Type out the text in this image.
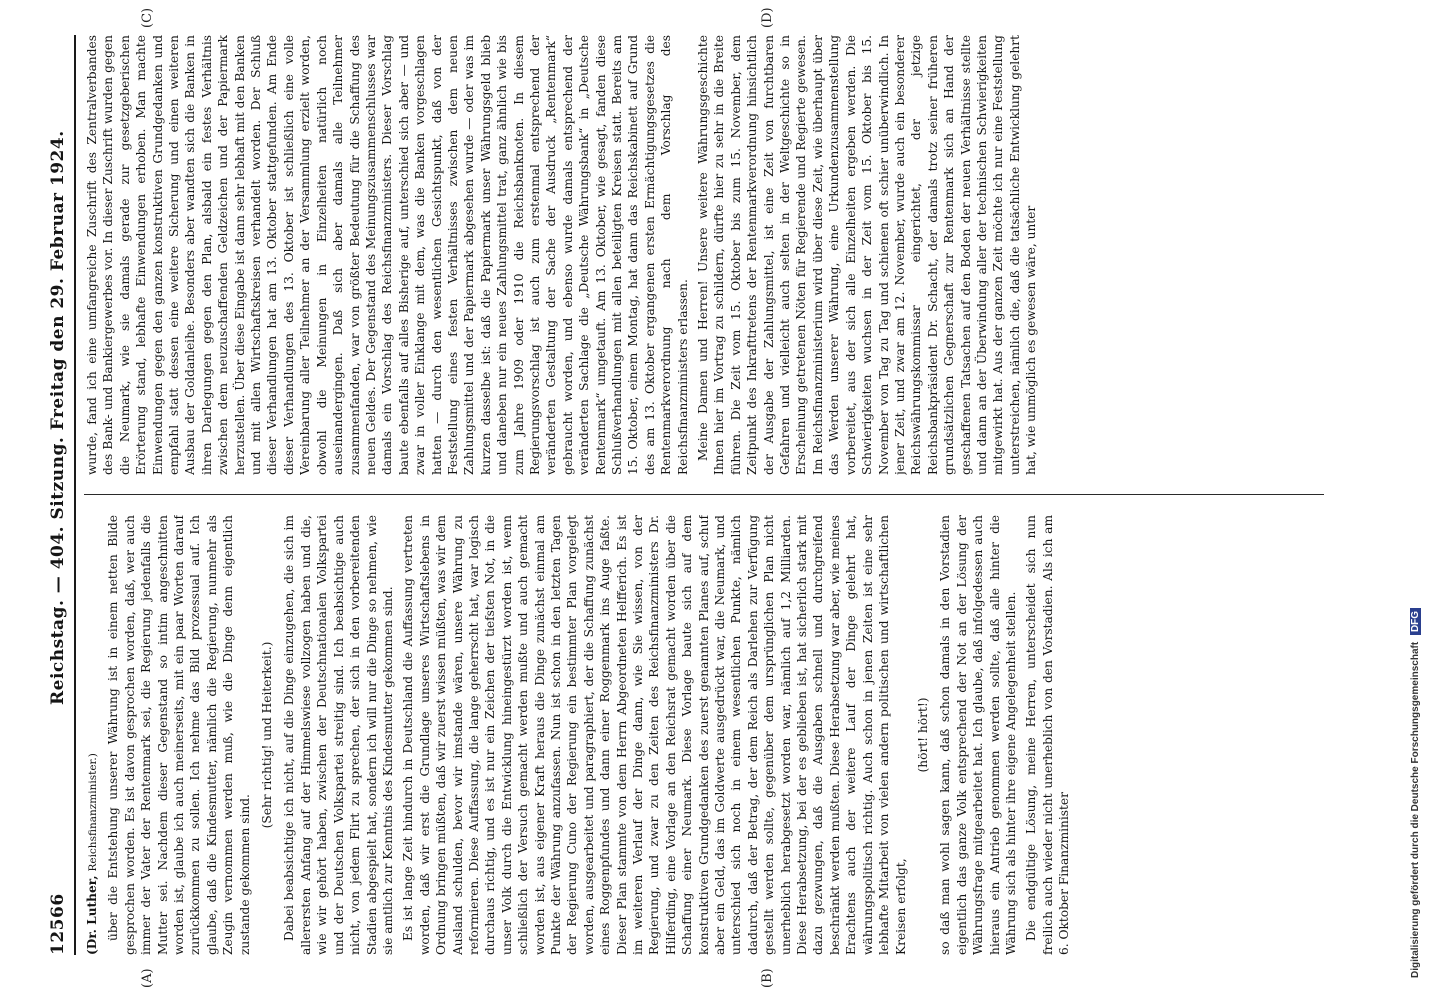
12566
Reichstag. — 404. Sitzung. Freitag den 29. Februar 1924.
(A)	(B)
(C)	(D)

(Dr. Luther, Reichsfinanzminister.) über die Entstehung unserer Währung ist in einem netten Bilde gesprochen worden. Es ist davon gesprochen worden, daß, wer auch immer der Vater der Rentenmark sei, die Regierung jedenfalls die Mutter sei. Nachdem dieser Gegenstand so intim angeschnitten worden ist, glaube ich auch meinerseits, mit ein paar Worten darauf zurückkommen zu sollen. Ich nehme das Bild prozessual auf. Ich glaube, daß die Kindesmutter, nämlich die Regierung, nunmehr als Zeugin vernommen werden muß, wie die Dinge denn eigentlich zustande gekommen sind.

(Sehr richtig! und Heiterkeit.) Dabei beabsichtige ich nicht, auf die Dinge einzugehen, die sich im allerersten Anfang auf der Himmelswiese vollzogen haben und die, wie wir gehört haben, zwischen der Deutschnationalen Volkspartei und der Deutschen Volkspartei streitig sind. Ich beabsichtige auch nicht, von jedem Flirt zu sprechen, der sich in den vorbereitenden Stadien abgespielt hat, sondern ich will nur die Dinge so nehmen, wie sie amtlich zur Kenntnis des Kindesmutter gekommen sind. Es ist lange Zeit hindurch in Deutschland die Auffassung vertreten worden, daß wir erst die Grundlage unseres Wirtschaftslebens in Ordnung bringen müßten, daß wir zuerst wissen müßten, was wir dem Ausland schulden, bevor wir imstande wären, unsere Währung zu reformieren. Diese Auffassung, die lange geherrscht hat, war logisch durchaus richtig, und es ist nur ein Zeichen der tiefsten Not, in die unser Volk durch die Entwicklung hineingestürzt worden ist, wenn schließlich der Versuch gemacht werden mußte und auch gemacht worden ist, aus eigener Kraft heraus die Dinge zunächst einmal am Punkte der Währung anzufassen. Nun ist schon in den letzten Tagen der Regierung Cuno der Regierung ein bestimmter Plan vorgelegt worden, ausgearbeitet und paragraphiert, der die Schaffung zunächst eines Roggenpfundes und dann einer Roggenmark ins Auge faßte. Dieser Plan stammte von dem Herrn Abgeordneten Helfferich. Es ist im weiteren Verlauf der Dinge dann, wie Sie wissen, von der Regierung, und zwar zu den Zeiten des Reichsfinanzministers Dr. Hilferding, eine Vorlage an den Reichsrat gemacht worden über die Schaffung einer Neumark. Diese Vorlage baute sich auf dem konstruktiven Grundgedanken des zuerst genannten Planes auf, schuf aber ein Geld, das im Goldwerte ausgedrückt war, die Neumark, und unterschied sich noch in einem wesentlichen Punkte, nämlich dadurch, daß der Betrag, der dem Reich als Darlehen zur Verfügung gestellt werden sollte, gegenüber dem ursprünglichen Plan nicht unerheblich herabgesetzt worden war, nämlich auf 1,2 Milliarden. Diese Herabsetzung, bei der es geblieben ist, hat sicherlich stark mit dazu gezwungen, daß die Ausgaben schnell und durchgreifend beschränkt werden mußten. Diese Herabsetzung war aber, wie meines Erachtens auch der weitere Lauf der Dinge gelehrt hat, währungspolitisch richtig. Auch schon in jenen Zeiten ist eine sehr lebhafte Mitarbeit von vielen andern politischen und wirtschaftlichen Kreisen erfolgt,

(hört! hört!) so daß man wohl sagen kann, daß schon damals in den Vorstadien eigentlich das ganze Volk entsprechend der Not an der Lösung der Währungsfrage mitgearbeitet hat. Ich glaube, daß infolgedessen auch hieraus ein Antrieb genommen werden sollte, daß alle hinter die Währung sich als hinter ihre eigene Angelegenheit stellen. Die endgültige Lösung, meine Herren, unterscheidet sich nun freilich auch wieder nicht unerheblich von den Vorstadien. Als ich am 6. Oktober Finanzminister

wurde, fand ich eine umfangreiche Zuschrift des Zentralverbandes des Bank- und Bankiergewerbes vor. In dieser Zuschrift wurden gegen die Neumark, wie sie damals gerade zur gesetzgeberischen Erörterung stand, lebhafte Einwendungen erhoben. Man machte Einwendungen gegen den ganzen konstruktiven Grundgedanken und empfahl statt dessen eine weitere Sicherung und einen weiteren Ausbau der Goldanleihe. Besonders aber wandten sich die Banken in ihren Darlegungen gegen den Plan, alsbald ein festes Verhältnis zwischen dem neuzuschaffenden Geldzeichen und der Papiermark herzustellen. Über diese Eingabe ist dann sehr lebhaft mit den Banken und mit allen Wirtschaftskreisen verhandelt worden. Der Schluß dieser Verhandlungen hat am 13. Oktober stattgefunden. Am Ende dieser Verhandlungen des 13. Oktober ist schließlich eine volle Vereinbarung aller Teilnehmer an der Versammlung erzielt worden, obwohl die Meinungen in Einzelheiten natürlich noch auseinandergingen. Daß sich aber damals alle Teilnehmer zusammenfanden, war von größter Bedeutung für die Schaffung des neuen Geldes. Der Gegenstand des Meinungszusammenschlusses war damals ein Vorschlag des Reichsfinanzministers. Dieser Vorschlag baute ebenfalls auf alles Bisherige auf, unterschied sich aber — und zwar in voller Einklange mit dem, was die Banken vorgeschlagen hatten — durch den wesentlichen Gesichtspunkt, daß von der Feststellung eines festen Verhältnisses zwischen dem neuen Zahlungsmittel und der Papiermark abgesehen wurde — oder was im kurzen dasselbe ist: daß die Papiermark unser Währungsgeld blieb und daneben nur ein neues Zahlungsmittel trat, ganz ähnlich wie bis zum Jahre 1909 oder 1910 die Reichsbanknoten. In diesem Regierungsvorschlag ist auch zum erstenmal entsprechend der veränderten Gestaltung der Sache der Ausdruck „Rentenmark“ gebraucht worden, und ebenso wurde damals entsprechend der veränderten Sachlage die „Deutsche Währungsbank“ in „Deutsche Rentenmark“ umgetauft. Am 13. Oktober, wie gesagt, fanden diese Schlußverhandlungen mit allen beteiligten Kreisen statt. Bereits am 15. Oktober, einem Montag, hat dann das Reichskabinett auf Grund des am 13. Oktober ergangenen ersten Ermächtigungsgesetzes die Rentenmarkverordnung nach dem Vorschlag des Reichsfinanzministers erlassen. Meine Damen und Herren! Unsere weitere Währungsgeschichte Ihnen hier im Vortrag zu schildern, dürfte hier zu sehr in die Breite führen. Die Zeit vom 15. Oktober bis zum 15. November, dem Zeitpunkt des Inkrafttretens der Rentenmarkverordnung hinsichtlich der Ausgabe der Zahlungsmittel, ist eine Zeit von furchtbaren Gefahren und vielleicht auch selten in der Weltgeschichte so in Erscheinung getretenen Nöten für Regierende und Regierte gewesen. Im Reichsfinanzministerium wird über diese Zeit, wie überhaupt über das Werden unserer Währung, eine Urkundenzusammenstellung vorbereitet, aus der sich alle Einzelheiten ergeben werden. Die Schwierigkeiten wuchsen in der Zeit vom 15. Oktober bis 15. November von Tag zu Tag und schienen oft schier unüberwindlich. In jener Zeit, und zwar am 12. November, wurde auch ein besonderer Reichswährungskommissar eingerichtet, der jetzige Reichsbankpräsident Dr. Schacht, der damals trotz seiner früheren grundsätzlichen Gegnerschaft zur Rentenmark sich an Hand der geschaffenen Tatsachen auf den Boden der neuen Verhältnisse stellte und dann an der Überwindung aller der technischen Schwierigkeiten mitgewirkt hat. Aus der ganzen Zeit möchte ich nur eine Feststellung unterstreichen, nämlich die, daß die tatsächliche Entwicklung gelehrt hat, wie unmöglich es gewesen wäre, unter

Digitalisierung gefördert durch die Deutsche Forschungsgemeinschaft DFG
